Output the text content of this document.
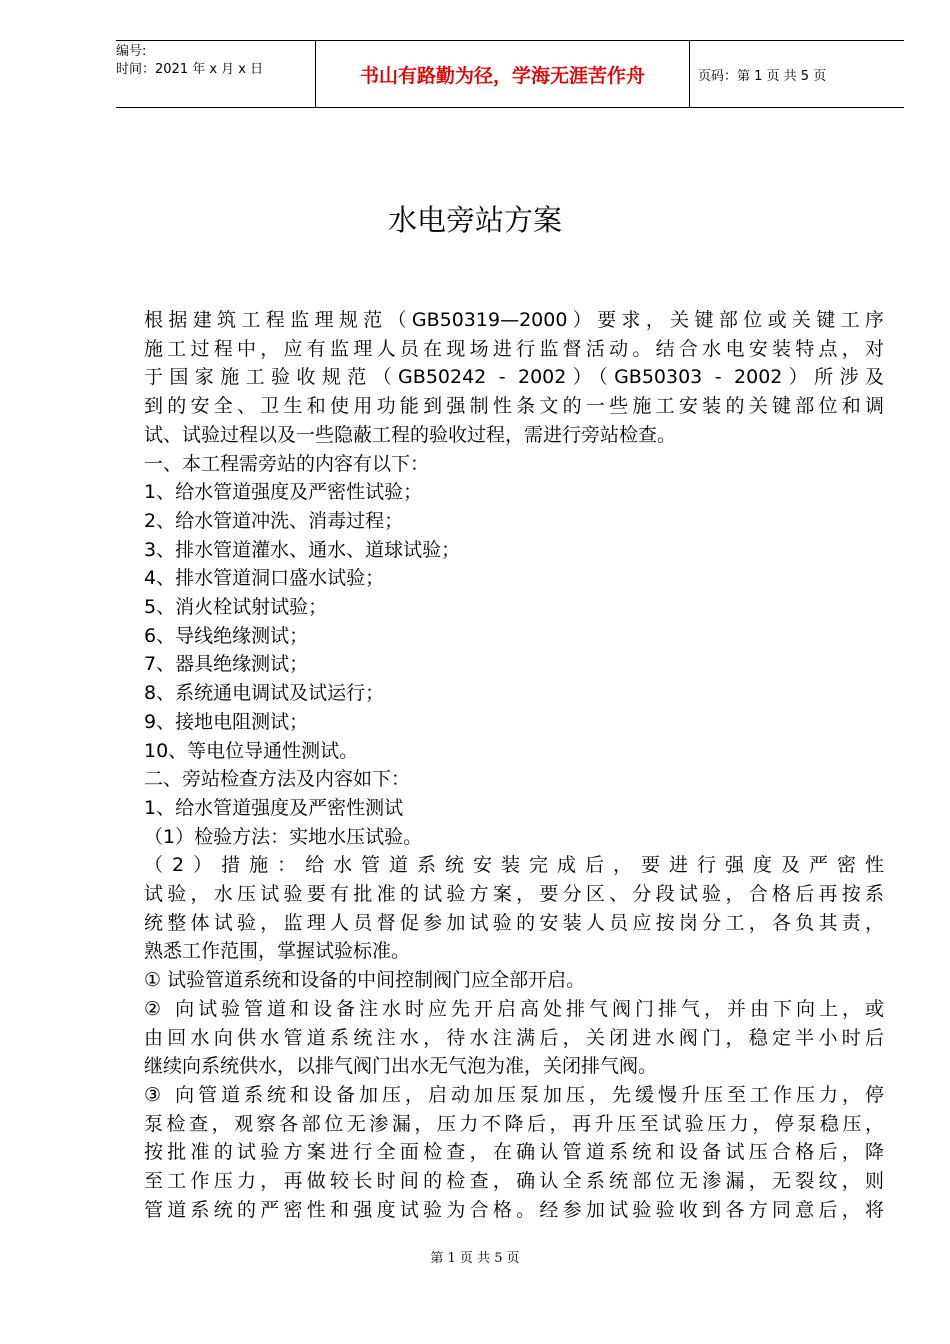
编号:
时间：2021 年 x 月 x 日	书山有路勤为径，学海无涯苦作舟	页码：第 1 页 共 5 页
水电旁站方案
根据建筑工程监理规范（GB50319—2000）要求，关键部位或关键工序
施工过程中，应有监理人员在现场进行监督活动。结合水电安装特点，对
于国家施工验收规范（GB50242 - 2002）（GB50303 - 2002）所涉及
到的安全、卫生和使用功能到强制性条文的一些施工安装的关键部位和调
试、试验过程以及一些隐蔽工程的验收过程，需进行旁站检查。
一、本工程需旁站的内容有以下：
1、给水管道强度及严密性试验；
2、给水管道冲洗、消毒过程；
3、排水管道灌水、通水、道球试验；
4、排水管道洞口盛水试验；
5、消火栓试射试验；
6、导线绝缘测试；
7、器具绝缘测试；
8、系统通电调试及试运行；
9、接地电阻测试；
10、等电位导通性测试。
二、旁站检查方法及内容如下：
1、给水管道强度及严密性测试
（1）检验方法：实地水压试验。
（2）措施：给水管道系统安装完成后，要进行强度及严密性
试验，水压试验要有批准的试验方案，要分区、分段试验，合格后再按系
统整体试验，监理人员督促参加试验的安装人员应按岗分工，各负其责，
熟悉工作范围，掌握试验标准。
① 试验管道系统和设备的中间控制阀门应全部开启。
② 向试验管道和设备注水时应先开启高处排气阀门排气，并由下向上，或
由回水向供水管道系统注水，待水注满后，关闭进水阀门，稳定半小时后
继续向系统供水，以排气阀门出水无气泡为准，关闭排气阀。
③ 向管道系统和设备加压，启动加压泵加压，先缓慢升压至工作压力，停
泵检查，观察各部位无渗漏，压力不降后，再升压至试验压力，停泵稳压，
按批准的试验方案进行全面检查，在确认管道系统和设备试压合格后，降
至工作压力，再做较长时间的检查，确认全系统部位无渗漏，无裂纹，则
管道系统的严密性和强度试验为合格。经参加试验验收到各方同意后，将
第 1 页 共 5 页
